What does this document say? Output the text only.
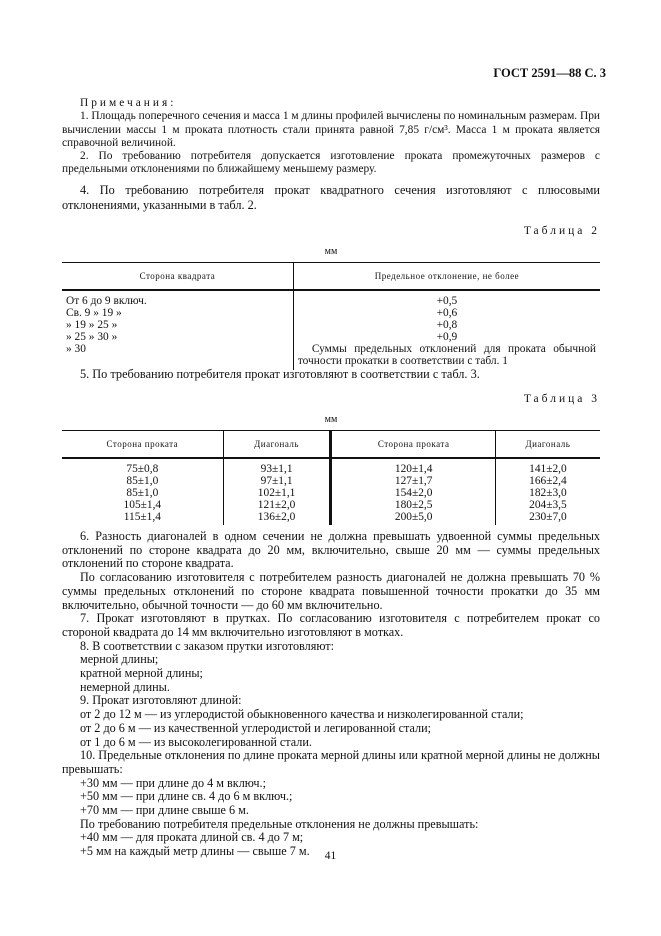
ГОСТ 2591—88 С. 3

Примечания:

1. Площадь поперечного сечения и масса 1 м длины профилей вычислены по номинальным размерам. При вычислении массы 1 м проката плотность стали принята равной 7,85 г/см³. Масса 1 м проката является справочной величиной.

2. По требованию потребителя допускается изготовление проката промежуточных размеров с предельными отклонениями по ближайшему меньшему размеру.

4. По требованию потребителя прокат квадратного сечения изготовляют с плюсовыми отклонениями, указанными в табл. 2.

Таблица 2
мм
Сторона квадрата	Предельное отклонение, не более
От 6 до 9 включ.	+0,5
Св. 9 » 19 »	+0,6
» 19 » 25 »	+0,8
» 25 » 30 »	+0,9
» 30	Суммы предельных отклонений для проката обычной точности прокатки в соответствии с табл. 1

5. По требованию потребителя прокат изготовляют в соответствии с табл. 3.

Таблица 3
мм
Сторона проката	Диагональ	Сторона проката	Диагональ
75±0,8	93±1,1	120±1,4	141±2,0
85±1,0	97±1,1	127±1,7	166±2,4
85±1,0	102±1,1	154±2,0	182±3,0
105±1,4	121±2,0	180±2,5	204±3,5
115±1,4	136±2,0	200±5,0	230±7,0

6. Разность диагоналей в одном сечении не должна превышать удвоенной суммы предельных отклонений по стороне квадрата до 20 мм, включительно, свыше 20 мм — суммы предельных отклонений по стороне квадрата.

По согласованию изготовителя с потребителем разность диагоналей не должна превышать 70 % суммы предельных отклонений по стороне квадрата повышенной точности прокатки до 35 мм включительно, обычной точности — до 60 мм включительно.

7. Прокат изготовляют в прутках. По согласованию изготовителя с потребителем прокат со стороной квадрата до 14 мм включительно изготовляют в мотках.

8. В соответствии с заказом прутки изготовляют:

мерной длины;

кратной мерной длины;

немерной длины.

9. Прокат изготовляют длиной:

от 2 до 12 м — из углеродистой обыкновенного качества и низколегированной стали;

от 2 до 6 м — из качественной углеродистой и легированной стали;

от 1 до 6 м — из высоколегированной стали.

10. Предельные отклонения по длине проката мерной длины или кратной мерной длины не должны превышать:

+30 мм — при длине до 4 м включ.;

+50 мм — при длине св. 4 до 6 м включ.;

+70 мм — при длине свыше 6 м.

По требованию потребителя предельные отклонения не должны превышать:

+40 мм — для проката длиной св. 4 до 7 м;

+5 мм на каждый метр длины — свыше 7 м.	41
